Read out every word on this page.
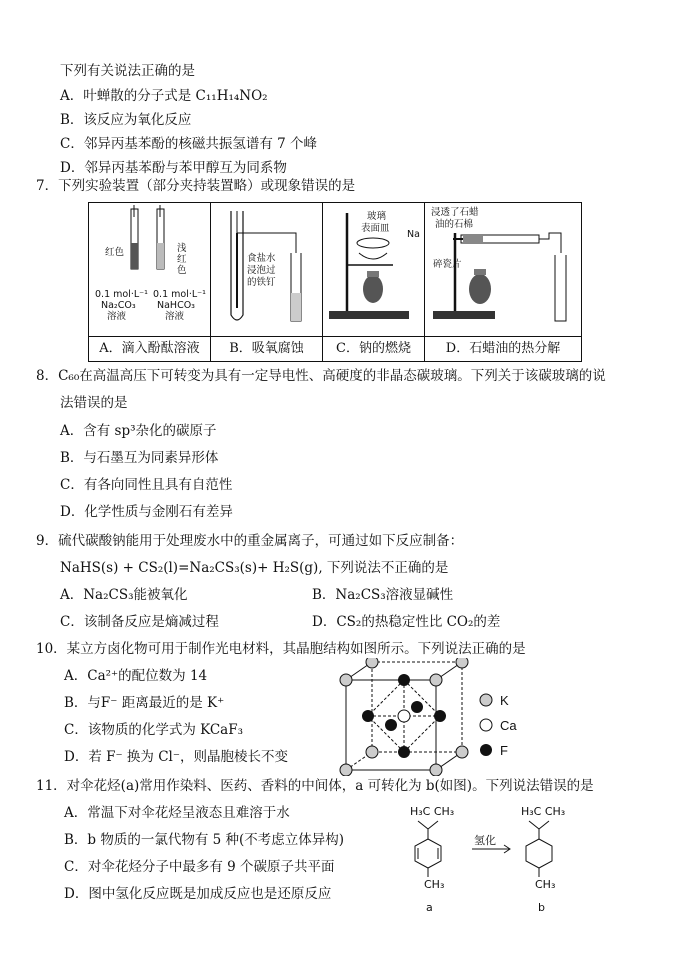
下列有关说法正确的是
A．叶蝉散的分子式是 C₁₁H₁₄NO₂
B．该反应为氧化反应
C．邻异丙基苯酚的核磁共振氢谱有 7 个峰
D．邻异丙基苯酚与苯甲醇互为同系物
7．下列实验装置（部分夹持装置略）或现象错误的是
红色	浅红色
0.1 mol·L⁻¹
Na₂CO₃
溶液
0.1 mol·L⁻¹
NaHCO₃
溶液
A．滴入酚酞溶液
食盐水
浸泡过
的铁钉
B．吸氧腐蚀
玻璃
表面皿
Na
C．钠的燃烧
浸透了石蜡
油的石棉
碎瓷片
D．石蜡油的热分解
8．C₆₀在高温高压下可转变为具有一定导电性、高硬度的非晶态碳玻璃。下列关于该碳玻璃的说
法错误的是
A．含有 sp³杂化的碳原子
B．与石墨互为同素异形体
C．有各向同性且具有自范性
D．化学性质与金刚石有差异
9．硫代碳酸钠能用于处理废水中的重金属离子，可通过如下反应制备：
NaHS(s) + CS₂(l)=Na₂CS₃(s)+ H₂S(g), 下列说法不正确的是
A．Na₂CS₃能被氧化	B．Na₂CS₃溶液显碱性
C．该制备反应是熵减过程	D．CS₂的热稳定性比 CO₂的差
10．某立方卤化物可用于制作光电材料，其晶胞结构如图所示。下列说法正确的是
A．Ca²⁺的配位数为 14
B．与F⁻ 距离最近的是 K⁺
C．该物质的化学式为 KCaF₃
D．若 F⁻ 换为 Cl⁻，则晶胞棱长不变
K
Ca
F
11．对伞花烃(a)常用作染料、医药、香料的中间体，a 可转化为 b(如图)。下列说法错误的是
A．常温下对伞花烃呈液态且难溶于水
B．b 物质的一氯代物有 5 种(不考虑立体异构)
C．对伞花烃分子中最多有 9 个碳原子共平面
D．图中氢化反应既是加成反应也是还原反应
H₃C CH₃
CH₃
H₃C CH₃
CH₃
氢化
a	b
